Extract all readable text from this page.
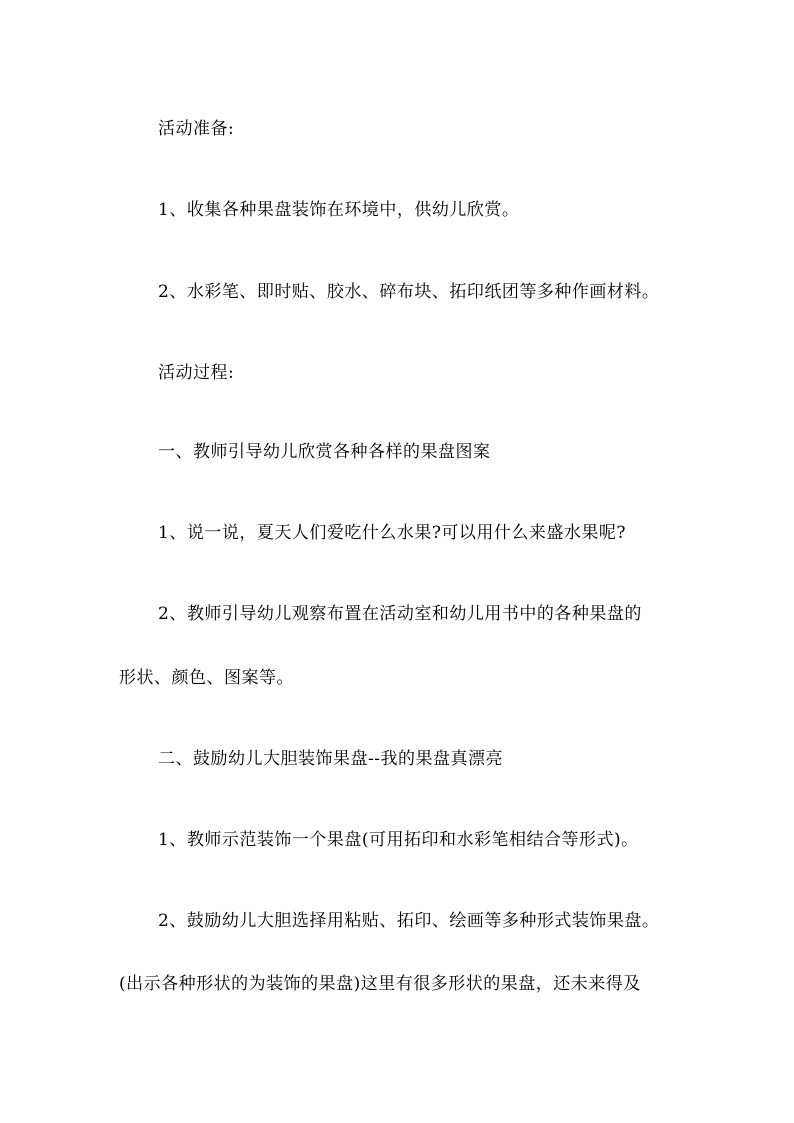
活动准备:
1、收集各种果盘装饰在环境中，供幼儿欣赏。
2、水彩笔、即时贴、胶水、碎布块、拓印纸团等多种作画材料。
活动过程:
一、教师引导幼儿欣赏各种各样的果盘图案
1、说一说，夏天人们爱吃什么水果?可以用什么来盛水果呢?
2、教师引导幼儿观察布置在活动室和幼儿用书中的各种果盘的
形状、颜色、图案等。
二、鼓励幼儿大胆装饰果盘--我的果盘真漂亮
1、教师示范装饰一个果盘(可用拓印和水彩笔相结合等形式)。
2、鼓励幼儿大胆选择用粘贴、拓印、绘画等多种形式装饰果盘。
(出示各种形状的为装饰的果盘)这里有很多形状的果盘，还未来得及
